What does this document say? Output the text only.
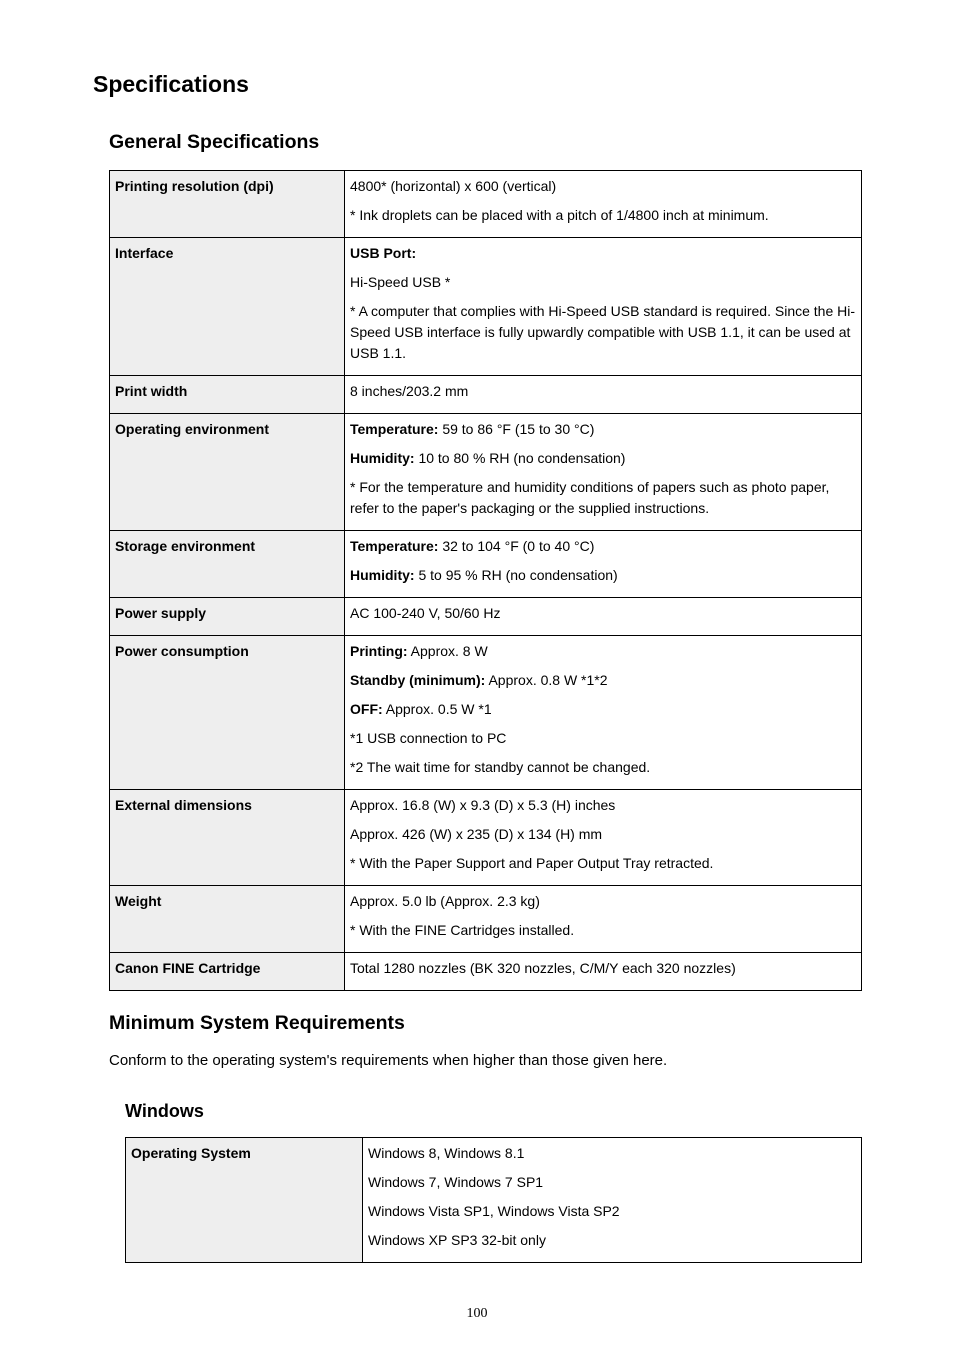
Specifications
General Specifications
Printing resolution (dpi)	4800* (horizontal) x 600 (vertical)

* Ink droplets can be placed with a pitch of 1/4800 inch at minimum.

Interface	USB Port:

Hi-Speed USB *

* A computer that complies with Hi-Speed USB standard is required. Since the Hi-Speed USB interface is fully upwardly compatible with USB 1.1, it can be used at USB 1.1.

Print width	8 inches/203.2 mm

Operating environment	Temperature: 59 to 86 °F (15 to 30 °C)

Humidity: 10 to 80 % RH (no condensation)

* For the temperature and humidity conditions of papers such as photo paper, refer to the paper's packaging or the supplied instructions.

Storage environment	Temperature: 32 to 104 °F (0 to 40 °C)

Humidity: 5 to 95 % RH (no condensation)

Power supply	AC 100-240 V, 50/60 Hz

Power consumption	Printing: Approx. 8 W

Standby (minimum): Approx. 0.8 W *1*2

OFF: Approx. 0.5 W *1

*1 USB connection to PC

*2 The wait time for standby cannot be changed.

External dimensions	Approx. 16.8 (W) x 9.3 (D) x 5.3 (H) inches

Approx. 426 (W) x 235 (D) x 134 (H) mm

* With the Paper Support and Paper Output Tray retracted.

Weight	Approx. 5.0 lb (Approx. 2.3 kg)

* With the FINE Cartridges installed.

Canon FINE Cartridge	Total 1280 nozzles (BK 320 nozzles, C/M/Y each 320 nozzles)

Minimum System Requirements

Conform to the operating system's requirements when higher than those given here.

Windows
Operating System	Windows 8, Windows 8.1

Windows 7, Windows 7 SP1

Windows Vista SP1, Windows Vista SP2

Windows XP SP3 32-bit only

100
